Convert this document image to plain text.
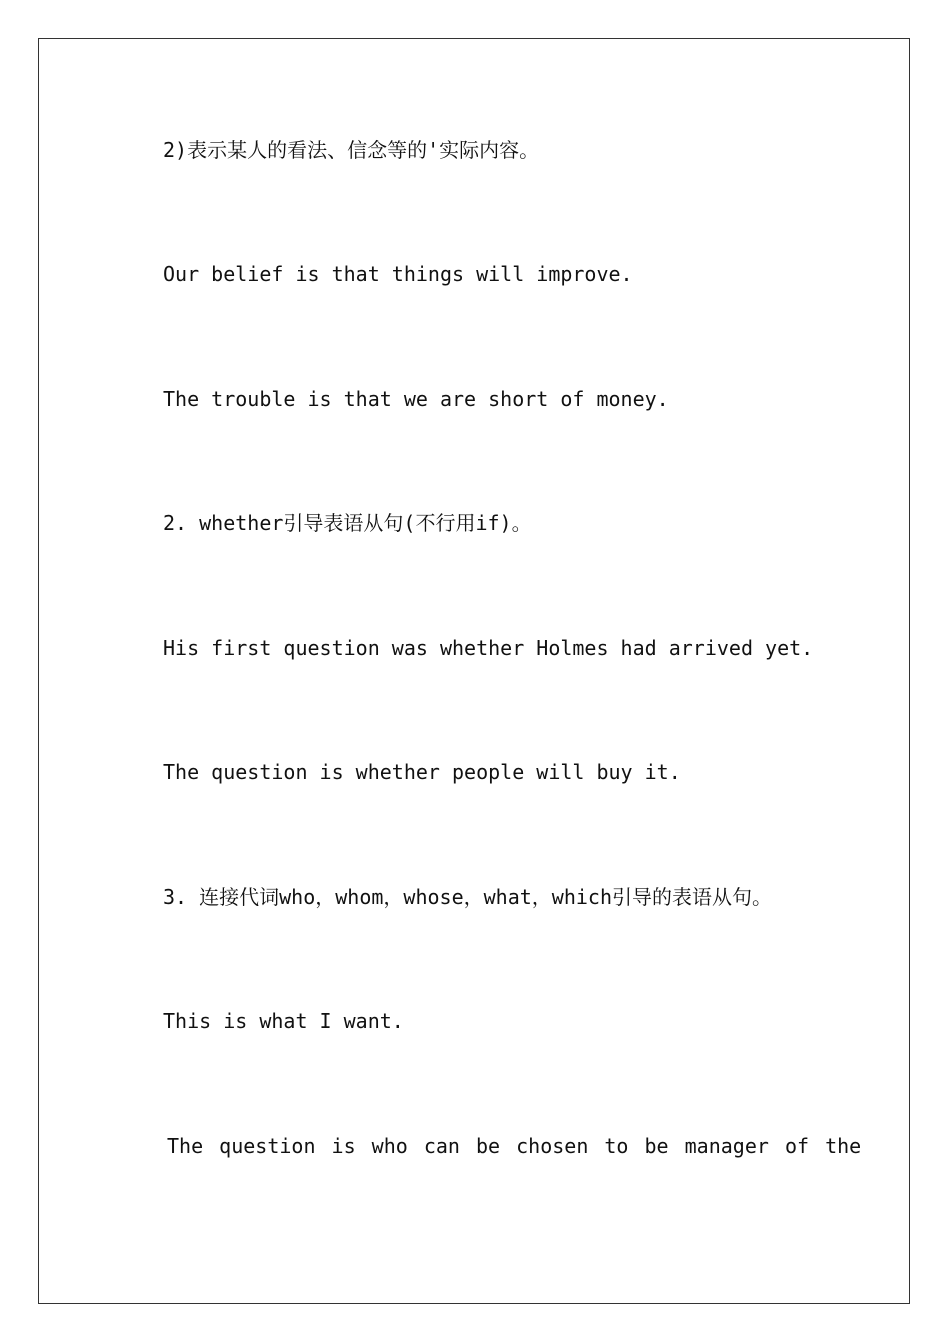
2)表示某人的看法、信念等的'实际内容。

Our belief is that things will improve.

The trouble is that we are short of money.

2. whether引导表语从句(不行用if)。

His first question was whether Holmes had arrived yet.

The question is whether people will buy it.

3. 连接代词who，whom，whose，what，which引导的表语从句。

This is what I want.

The question is who can be chosen to be manager of the
